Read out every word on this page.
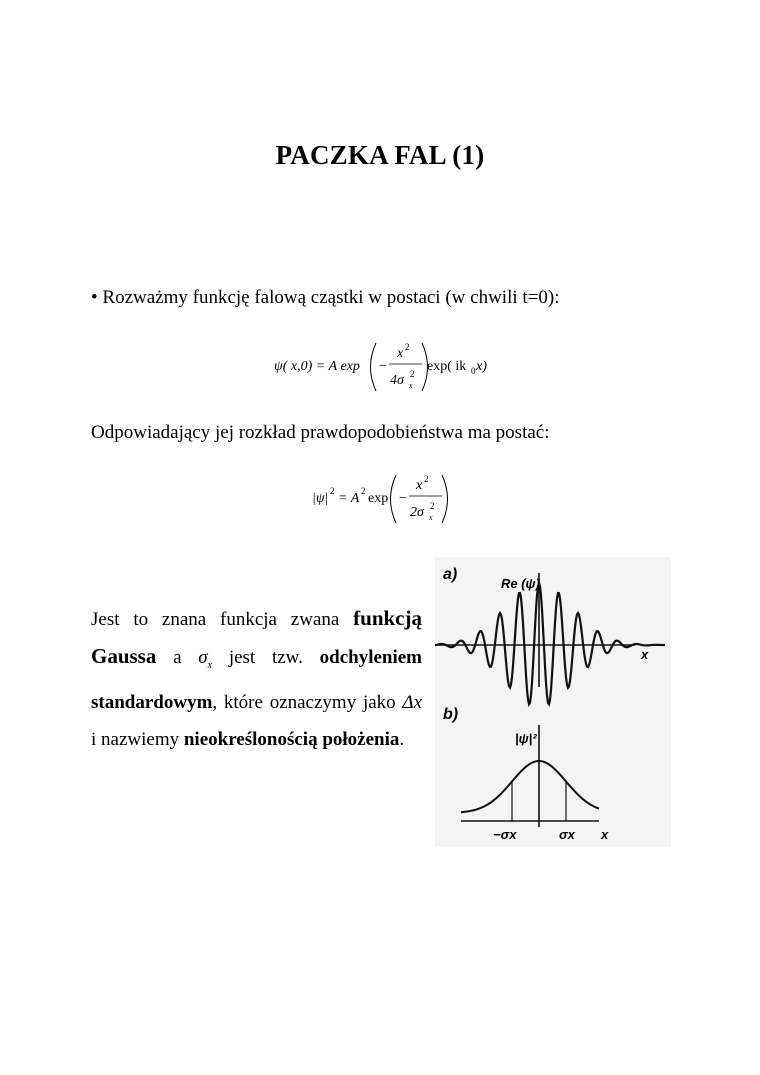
PACZKA FAL (1)
• Rozważmy funkcję falową cząstki w postaci (w chwili t=0):
ψ( x,0) = A exp −
x 2
4σ 2
x
exp( ik 0 x)
Odpowiadający jej rozkład prawdopodobieństwa ma postać:
|ψ| 2 = A 2 exp −
x 2
2σ 2
x
Jest to znana funkcja zwana funkcją Gaussa a $\sigma_x$ jest tzw. odchyleniem standardowym, które oznaczymy jako Δx i nazwiemy nieokreślonością położenia.
a)
Re (ψ)
x
b)
|ψ|²
−σx	σx x
